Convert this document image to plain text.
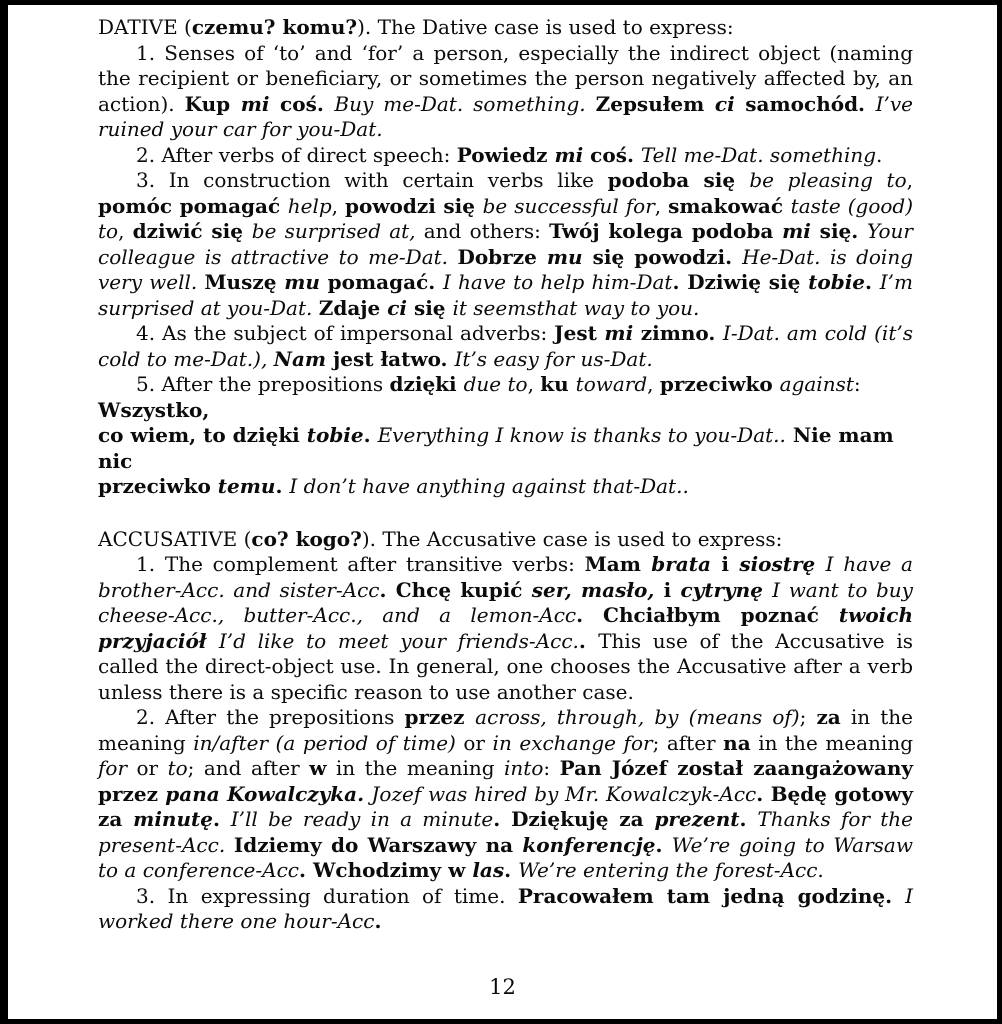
DATIVE (czemu? komu?). The Dative case is used to express:

1. Senses of ‘to’ and ‘for’ a person, especially the indirect object (naming the recipient or beneficiary, or sometimes the person negatively affected by, an action). Kup mi coś. Buy me-Dat. something. Zepsułem ci samochód. I’ve ruined your car for you-Dat.

2. After verbs of direct speech: Powiedz mi coś. Tell me-Dat. something.

3. In construction with certain verbs like podoba się be pleasing to, pomóc pomagać help, powodzi się be successful for, smakować taste (good) to, dziwić się be surprised at, and others: Twój kolega podoba mi się. Your colleague is attractive to me-Dat. Dobrze mu się powodzi. He-Dat. is doing very well. Muszę mu pomagać. I have to help him-Dat. Dziwię się tobie. I’m surprised at you-Dat. Zdaje ci się it seemsthat way to you.

4. As the subject of impersonal adverbs: Jest mi zimno. I-Dat. am cold (it’s cold to me-Dat.), Nam jest łatwo. It’s easy for us-Dat.

5. After the prepositions dzięki due to, ku toward, przeciwko against: Wszystko,
co wiem, to dzięki tobie. Everything I know is thanks to you-Dat.. Nie mam nic
przeciwko temu. I don’t have anything against that-Dat..

ACCUSATIVE (co? kogo?). The Accusative case is used to express:

1. The complement after transitive verbs: Mam brata i siostrę I have a brother-Acc. and sister-Acc. Chcę kupić ser, masło, i cytrynę I want to buy cheese-Acc., butter-Acc., and a lemon-Acc. Chciałbym poznać twoich przyjaciół I’d like to meet your friends-Acc.. This use of the Accusative is called the direct-object use. In general, one chooses the Accusative after a verb unless there is a specific reason to use another case.

2. After the prepositions przez across, through, by (means of); za in the meaning in/after (a period of time) or in exchange for; after na in the meaning for or to; and after w in the meaning into: Pan Józef został zaangażowany przez pana Kowalczyka. Jozef was hired by Mr. Kowalczyk-Acc. Będę gotowy za minutę. I’ll be ready in a minute. Dziękuję za prezent. Thanks for the present-Acc. Idziemy do Warszawy na konferencję. We’re going to Warsaw to a conference-Acc. Wchodzimy w las. We’re entering the forest-Acc.

3. In expressing duration of time. Pracowałem tam jedną godzinę. I worked there one hour-Acc.

12
